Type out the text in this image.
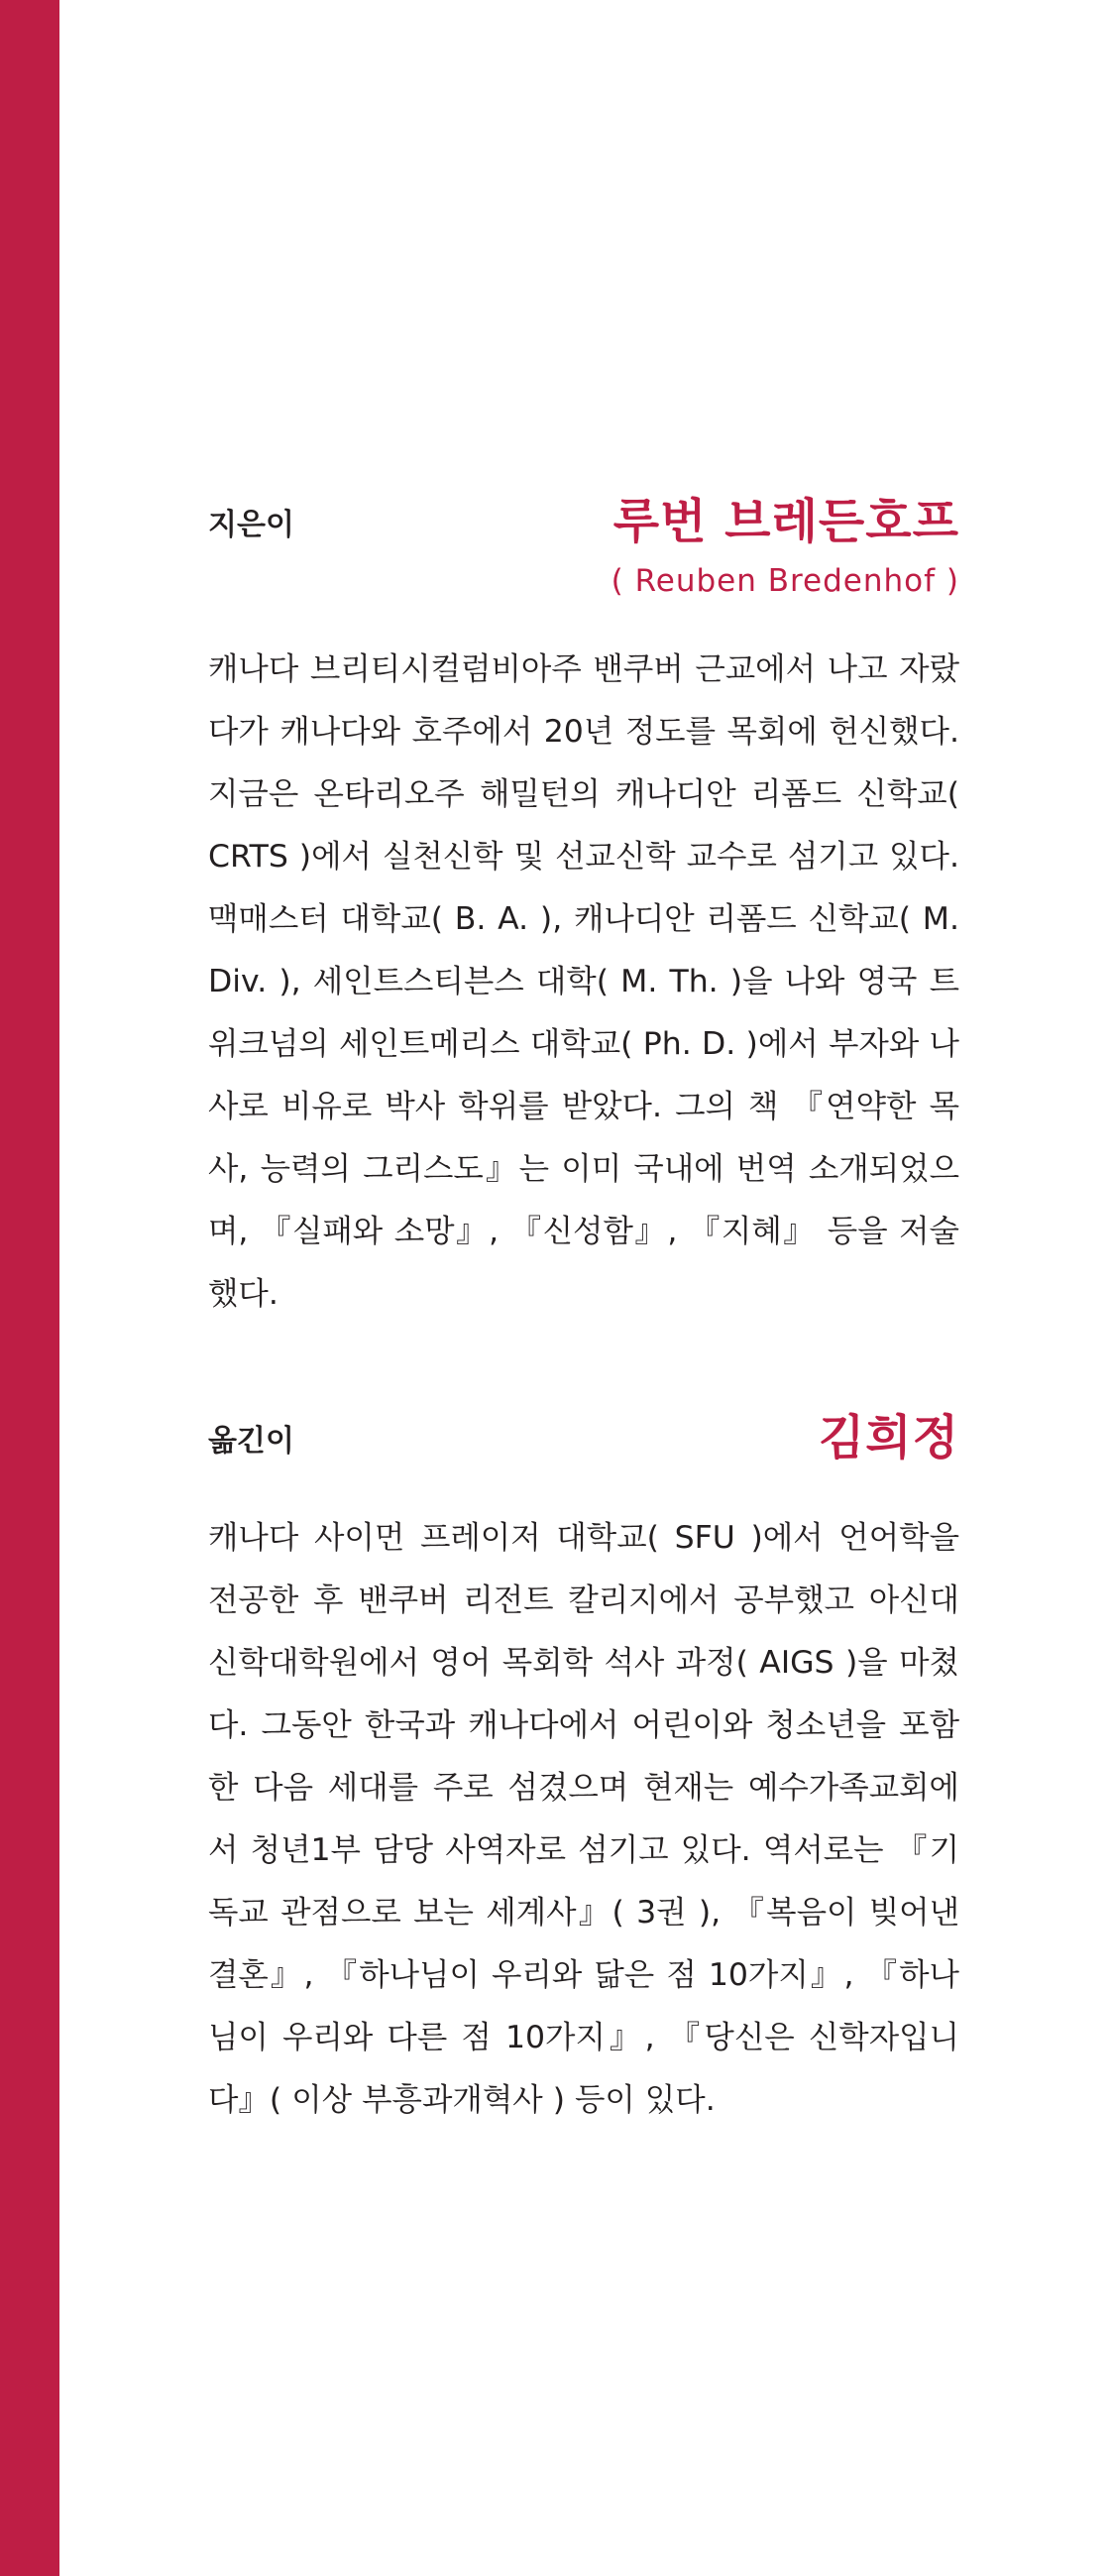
지은이	루번 브레든호프
( Reuben Bredenhof )

캐나다 브리티시컬럼비아주 밴쿠버 근교에서 나고 자랐다가 캐나다와 호주에서 20년 정도를 목회에 헌신했다. 지금은 온타리오주 해밀턴의 캐나디안 리폼드 신학교( CRTS )에서 실천신학 및 선교신학 교수로 섬기고 있다. 맥매스터 대학교( B. A. ), 캐나디안 리폼드 신학교( M. Div. ), 세인트스티븐스 대학( M. Th. )을 나와 영국 트위크넘의 세인트메리스 대학교( Ph. D. )에서 부자와 나사로 비유로 박사 학위를 받았다. 그의 책 『연약한 목사, 능력의 그리스도』는 이미 국내에 번역 소개되었으며, 『실패와 소망』, 『신성함』, 『지혜』 등을 저술했다.

옮긴이	김희정

캐나다 사이먼 프레이저 대학교( SFU )에서 언어학을 전공한 후 밴쿠버 리전트 칼리지에서 공부했고 아신대 신학대학원에서 영어 목회학 석사 과정( AIGS )을 마쳤다. 그동안 한국과 캐나다에서 어린이와 청소년을 포함한 다음 세대를 주로 섬겼으며 현재는 예수가족교회에서 청년1부 담당 사역자로 섬기고 있다. 역서로는 『기독교 관점으로 보는 세계사』( 3권 ), 『복음이 빚어낸 결혼』, 『하나님이 우리와 닮은 점 10가지』, 『하나님이 우리와 다른 점 10가지』, 『당신은 신학자입니다』( 이상 부흥과개혁사 ) 등이 있다.
